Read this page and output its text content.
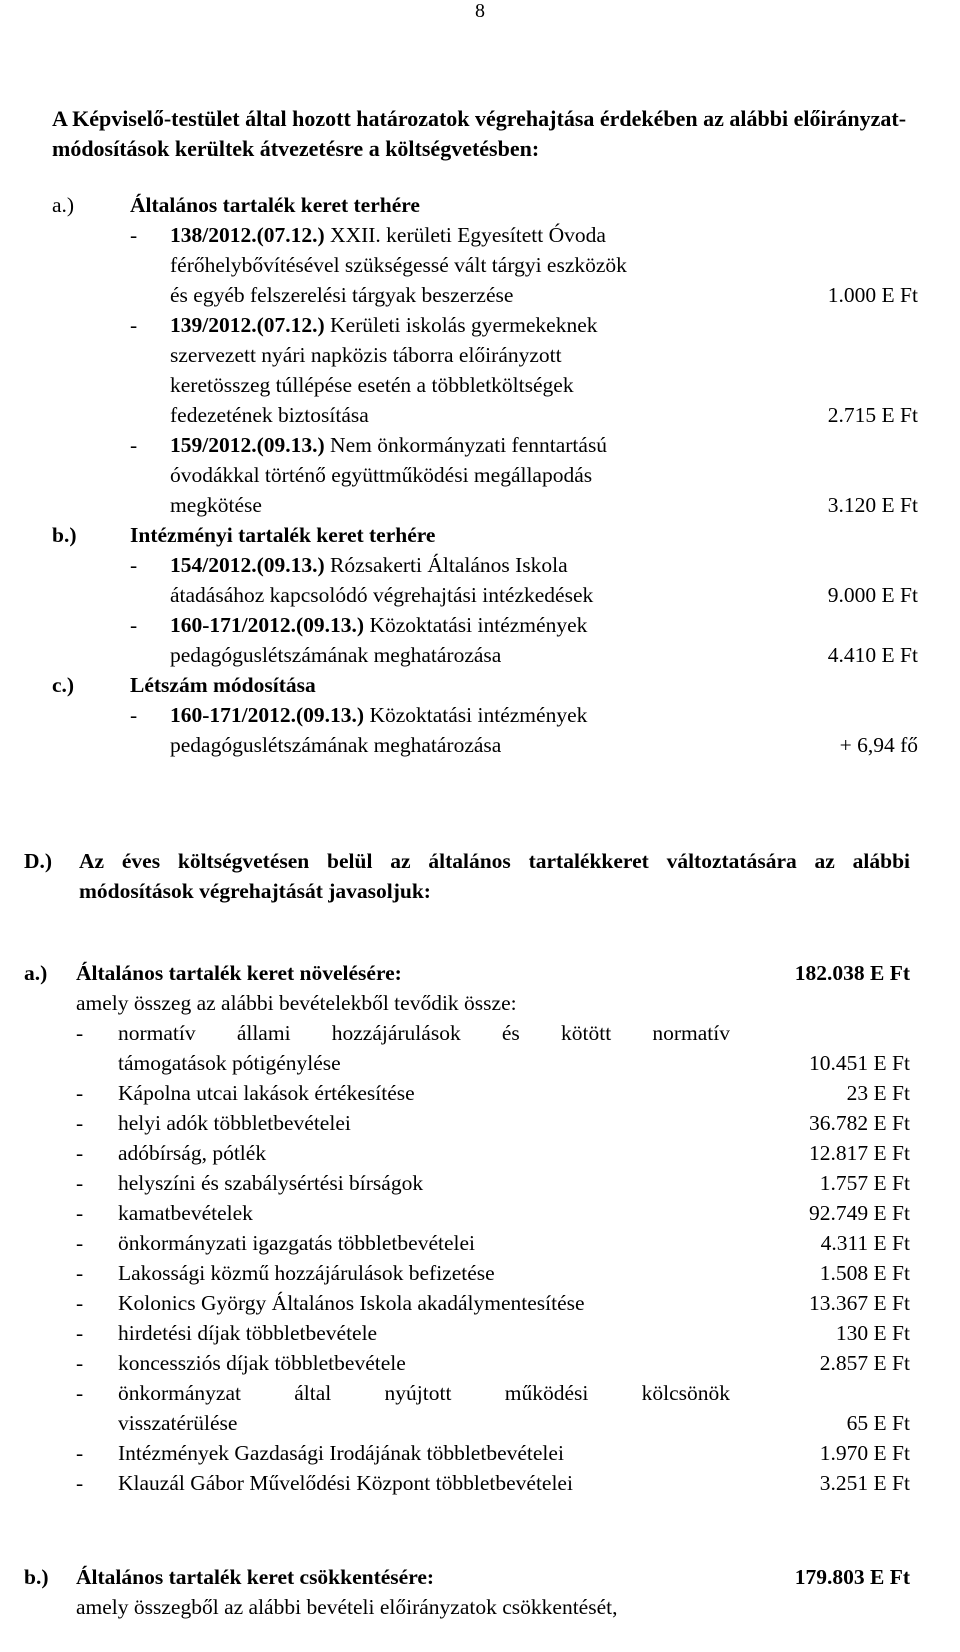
8
A Képviselő-testület által hozott határozatok végrehajtása érdekében az alábbi előirányzat-módosítások kerültek átvezetésre a költségvetésben:
a.)	Általános tartalék keret terhére
- 138/2012.(07.12.) XXII. kerületi Egyesített Óvoda
férőhelybővítésével szükségessé vált tárgyi eszközök
és egyéb felszerelési tárgyak beszerzése	1.000 E Ft
- 139/2012.(07.12.) Kerületi iskolás gyermekeknek
szervezett nyári napközis táborra előirányzott
keretösszeg túllépése esetén a többletköltségek
fedezetének biztosítása	2.715 E Ft
- 159/2012.(09.13.) Nem önkormányzati fenntartású
óvodákkal történő együttműködési megállapodás
megkötése	3.120 E Ft
b.) Intézményi tartalék keret terhére
- 154/2012.(09.13.) Rózsakerti Általános Iskola
átadásához kapcsolódó végrehajtási intézkedések	9.000 E Ft
- 160-171/2012.(09.13.) Közoktatási intézmények
pedagóguslétszámának meghatározása	4.410 E Ft
c.)	Létszám módosítása
- 160-171/2012.(09.13.) Közoktatási intézmények
pedagóguslétszámának meghatározása	+ 6,94 fő
D.) Az éves költségvetésen belül az általános tartalékkeret változtatására az alábbi módosítások végrehajtását javasoljuk:
a.) Általános tartalék keret növelésére:	182.038 E Ft
amely összeg az alábbi bevételekből tevődik össze:
- normatív állami hozzájárulások és kötött normatív
támogatások pótigénylése	10.451 E Ft
- Kápolna utcai lakások értékesítése	23 E Ft
- helyi adók többletbevételei	36.782 E Ft
- adóbírság, pótlék	12.817 E Ft
- helyszíni és szabálysértési bírságok	1.757 E Ft
- kamatbevételek	92.749 E Ft
- önkormányzati igazgatás többletbevételei	4.311 E Ft
- Lakossági közmű hozzájárulások befizetése	1.508 E Ft
- Kolonics György Általános Iskola akadálymentesítése	13.367 E Ft
- hirdetési díjak többletbevétele	130 E Ft
- koncessziós díjak többletbevétele	2.857 E Ft
- önkormányzat által nyújtott működési kölcsönök
visszatérülése	65 E Ft
- Intézmények Gazdasági Irodájának többletbevételei	1.970 E Ft
- Klauzál Gábor Művelődési Központ többletbevételei	3.251 E Ft
b.) Általános tartalék keret csökkentésére:	179.803 E Ft
amely összegből az alábbi bevételi előirányzatok csökkentését,
